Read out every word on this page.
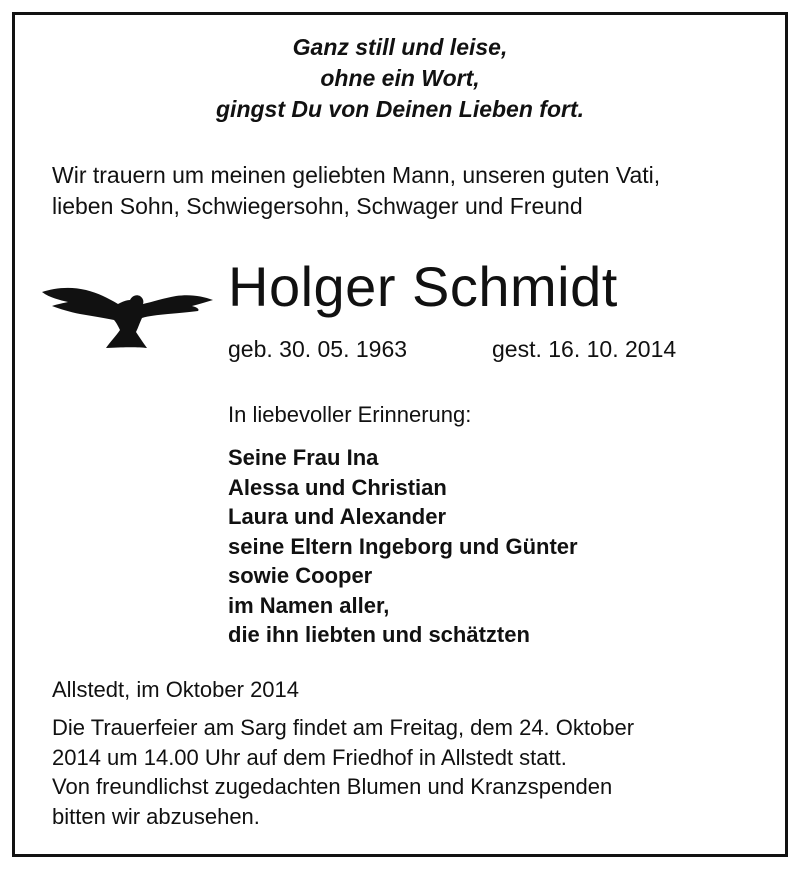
Ganz still und leise,
ohne ein Wort,
gingst Du von Deinen Lieben fort.
Wir trauern um meinen geliebten Mann, unseren guten Vati,
lieben Sohn, Schwiegersohn, Schwager und Freund
Holger Schmidt
geb. 30. 05. 1963	gest. 16. 10. 2014
In liebevoller Erinnerung:
Seine Frau Ina
Alessa und Christian
Laura und Alexander
seine Eltern Ingeborg und Günter
sowie Cooper
im Namen aller,
die ihn liebten und schätzten
Allstedt, im Oktober 2014
Die Trauerfeier am Sarg findet am Freitag, dem 24. Oktober
2014 um 14.00 Uhr auf dem Friedhof in Allstedt statt.
Von freundlichst zugedachten Blumen und Kranzspenden
bitten wir abzusehen.
